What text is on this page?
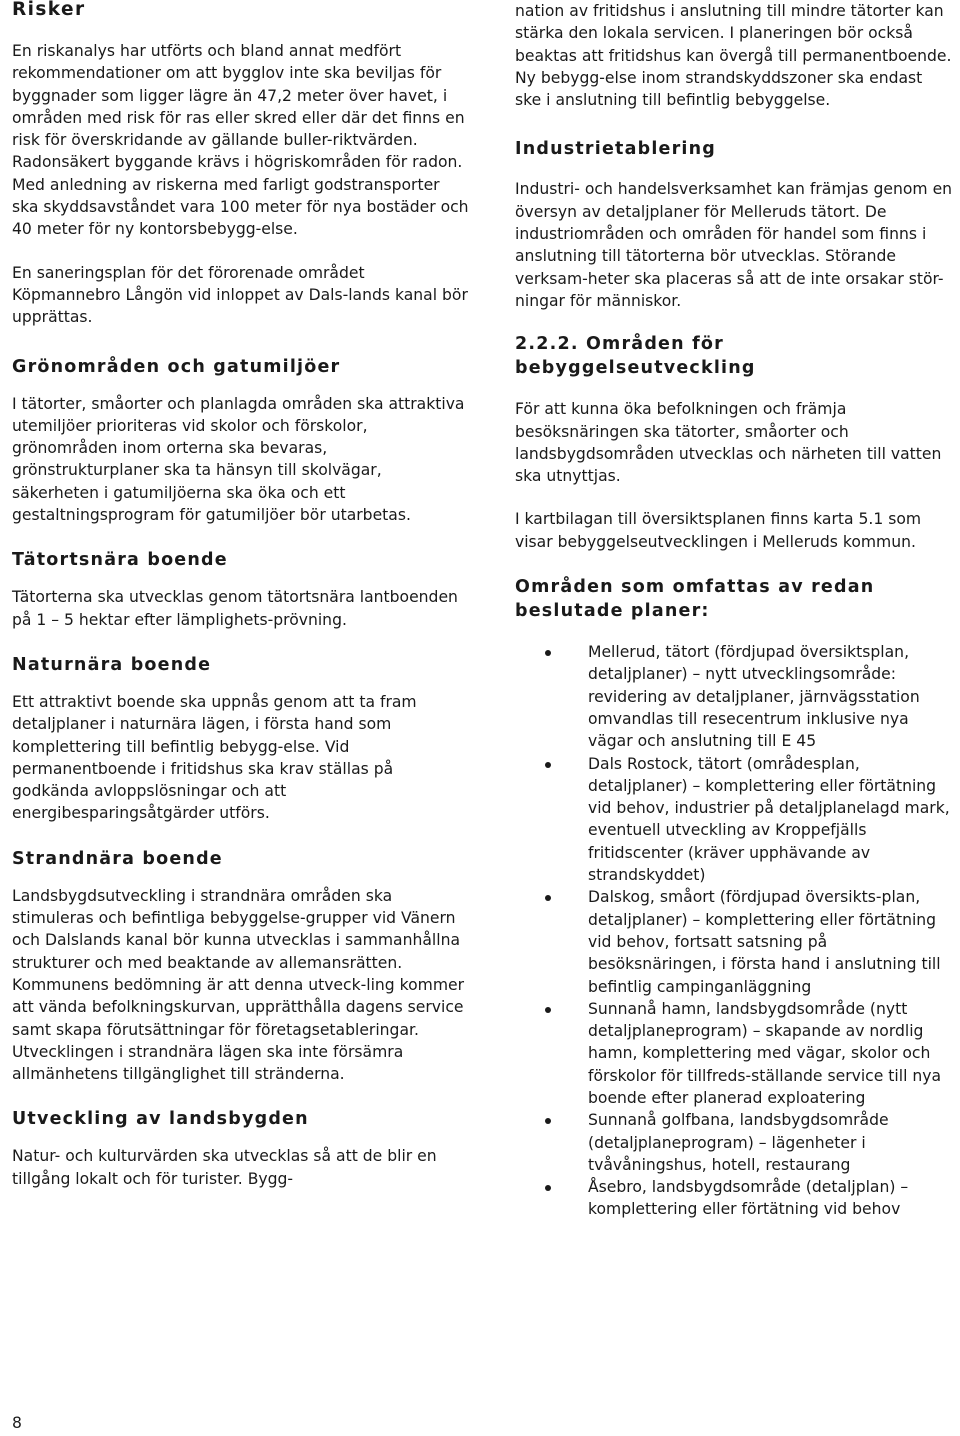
Risker

En riskanalys har utförts och bland annat medfört rekommendationer om att bygglov inte ska beviljas för byggnader som ligger lägre än 47,2 meter över havet, i områden med risk för ras eller skred eller där det finns en risk för överskridande av gällande buller-riktvärden. Radonsäkert byggande krävs i högriskområden för radon. Med anledning av riskerna med farligt godstransporter ska skyddsavståndet vara 100 meter för nya bostäder och 40 meter för ny kontorsbebygg-else.

En saneringsplan för det förorenade området Köpmannebro Långön vid inloppet av Dals-lands kanal bör upprättas.

Grönområden och gatumiljöer

I tätorter, småorter och planlagda områden ska attraktiva utemiljöer prioriteras vid skolor och förskolor, grönområden inom orterna ska bevaras, grönstrukturplaner ska ta hänsyn till skolvägar, säkerheten i gatumiljöerna ska öka och ett gestaltningsprogram för gatumiljöer bör utarbetas.

Tätortsnära boende

Tätorterna ska utvecklas genom tätortsnära lantboenden på 1 – 5 hektar efter lämplighets-prövning.

Naturnära boende

Ett attraktivt boende ska uppnås genom att ta fram detaljplaner i naturnära lägen, i första hand som komplettering till befintlig bebygg-else. Vid permanentboende i fritidshus ska krav ställas på godkända avloppslösningar och att energibesparingsåtgärder utförs.

Strandnära boende

Landsbygdsutveckling i strandnära områden ska stimuleras och befintliga bebyggelse-grupper vid Vänern och Dalslands kanal bör kunna utvecklas i sammanhållna strukturer och med beaktande av allemansrätten. Kommunens bedömning är att denna utveck-ling kommer att vända befolkningskurvan, upprätthålla dagens service samt skapa förutsättningar för företagsetableringar. Utvecklingen i strandnära lägen ska inte försämra allmänhetens tillgänglighet till stränderna.

Utveckling av landsbygden

Natur- och kulturvärden ska utvecklas så att de blir en tillgång lokalt och för turister. Bygg-

nation av fritidshus i anslutning till mindre tätorter kan stärka den lokala servicen. I planeringen bör också beaktas att fritidshus kan övergå till permanentboende. Ny bebygg-else inom strandskyddszoner ska endast ske i anslutning till befintlig bebyggelse.

Industrietablering

Industri- och handelsverksamhet kan främjas genom en översyn av detaljplaner för Melleruds tätort. De industriområden och områden för handel som finns i anslutning till tätorterna bör utvecklas. Störande verksam-heter ska placeras så att de inte orsakar stör-ningar för människor.

2.2.2. Områden för bebyggelseutveckling

För att kunna öka befolkningen och främja besöksnäringen ska tätorter, småorter och landsbygdsområden utvecklas och närheten till vatten ska utnyttjas.

I kartbilagan till översiktsplanen finns karta 5.1 som visar bebyggelseutvecklingen i Melleruds kommun.

Områden som omfattas av redan beslutade planer:
Mellerud, tätort (fördjupad översiktsplan, detaljplaner) – nytt utvecklingsområde: revidering av detaljplaner, järnvägsstation omvandlas till resecentrum inklusive nya vägar och anslutning till E 45
Dals Rostock, tätort (områdesplan, detaljplaner) – komplettering eller förtätning vid behov, industrier på detaljplanelagd mark, eventuell utveckling av Kroppefjälls fritidscenter (kräver upphävande av strandskyddet)
Dalskog, småort (fördjupad översikts-plan, detaljplaner) – komplettering eller förtätning vid behov, fortsatt satsning på besöksnäringen, i första hand i anslutning till befintlig campinganläggning
Sunnanå hamn, landsbygdsområde (nytt detaljplaneprogram) – skapande av nordlig hamn, komplettering med vägar, skolor och förskolor för tillfreds-ställande service till nya boende efter planerad exploatering
Sunnanå golfbana, landsbygdsområde (detaljplaneprogram) – lägenheter i tvåvåningshus, hotell, restaurang
Åsebro, landsbygdsområde (detaljplan) – komplettering eller förtätning vid behov
8
